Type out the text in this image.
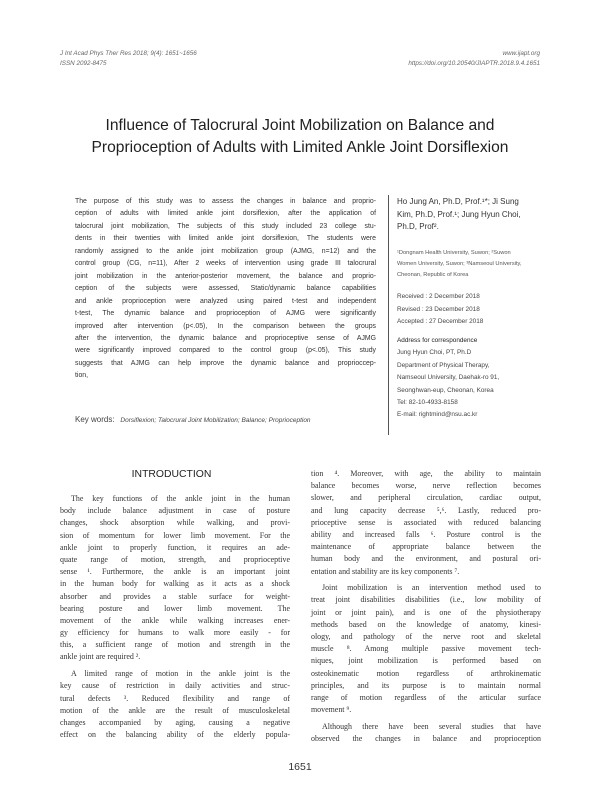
J Int Acad Phys Ther Res 2018; 9(4): 1651~1656
ISSN 2092-8475
www.ijapt.org
https://doi.org/10.20540/JIAPTR.2018.9.4.1651
Influence of Talocrural Joint Mobilization on Balance and
Proprioception of Adults with Limited Ankle Joint Dorsiflexion
The purpose of this study was to assess the changes in balance and proprio-
ception of adults with limited ankle joint dorsiflexion, after the application of
talocrural joint mobilization, The subjects of this study included 23 college stu-
dents in their twenties with limited ankle joint dorsiflexion, The students were
randomly assigned to the ankle joint mobilization group (AJMG, n=12) and the
control group (CG, n=11), After 2 weeks of intervention using grade III talocrural
joint mobilization in the anterior-posterior movement, the balance and proprio-
ception of the subjects were assessed, Static/dynamic balance capabilities
and ankle proprioception were analyzed using paired t-test and independent
t-test, The dynamic balance and proprioception of AJMG were significantly
improved after intervention (p<.05), In the comparison between the groups
after the intervention, the dynamic balance and proprioceptive sense of AJMG
were significantly improved compared to the control group (p<.05), This study
suggests that AJMG can help improve the dynamic balance and proprioccep-
tion,
Key words: Dorsiflexion; Talocrural Joint Mobilization; Balance; Proprioception
Ho Jung An, Ph.D, Prof.¹*; Ji Sung
Kim, Ph.D, Prof.¹; Jung Hyun Choi,
Ph.D, Prof².
¹Dongnam Health University, Suwon; ²Suwon
Women University, Suwon; ³Namseoul University,
Cheonan, Republic of Korea
Received : 2 December 2018
Revised : 23 December 2018
Accepted : 27 December 2018
Address for correspondence
Jung Hyun Choi, PT, Ph.D
Department of Physical Therapy,
Namseoul University, Daehak-ro 91,
Seonghwan-eup, Cheonan, Korea
Tel: 82-10-4933-8158
E-mail: rightmind@nsu.ac.kr
INTRODUCTION
The key functions of the ankle joint in the human
body include balance adjustment in case of posture
changes, shock absorption while walking, and provi-
sion of momentum for lower limb movement. For the
ankle joint to properly function, it requires an ade-
quate range of motion, strength, and proprioceptive
sense ¹. Furthermore, the ankle is an important joint
in the human body for walking as it acts as a shock
absorber and provides a stable surface for weight-
bearing posture and lower limb movement. The
movement of the ankle while walking increases ener-
gy efficiency for humans to walk more easily - for
this, a sufficient range of motion and strength in the
ankle joint are required ².
A limited range of motion in the ankle joint is the
key cause of restriction in daily activities and struc-
tural defects ³. Reduced flexibility and range of
motion of the ankle are the result of musculoskeletal
changes accompanied by aging, causing a negative
effect on the balancing ability of the elderly popula-
tion ⁴. Moreover, with age, the ability to maintain
balance becomes worse, nerve reflection becomes
slower, and peripheral circulation, cardiac output,
and lung capacity decrease ⁵,⁶. Lastly, reduced pro-
prioceptive sense is associated with reduced balancing
ability and increased falls ⁶. Posture control is the
maintenance of appropriate balance between the
human body and the environment, and postural ori-
entation and stability are its key components ⁷.
Joint mobilization is an intervention method used to
treat joint disabilities disabilities (i.e., low mobility of
joint or joint pain), and is one of the physiotherapy
methods based on the knowledge of anatomy, kinesi-
ology, and pathology of the nerve root and skeletal
muscle ⁸. Among multiple passive movement tech-
niques, joint mobilization is performed based on
osteokinematic motion regardless of arthrokinematic
principles, and its purpose is to maintain normal
range of motion regardless of the articular surface
movement ⁹.
Although there have been several studies that have
observed the changes in balance and proprioception
1651
